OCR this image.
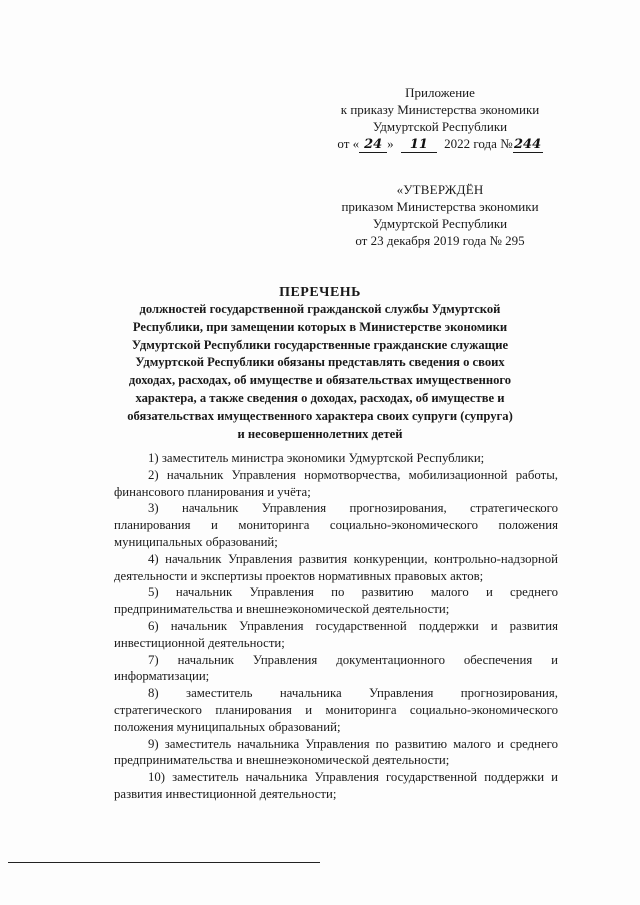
Приложение
к приказу Министерства экономики
Удмуртской Республики
от « 24 » 11 2022 года №244
«УТВЕРЖДЁН
приказом Министерства экономики
Удмуртской Республики
от 23 декабря 2019 года № 295
ПЕРЕЧЕНЬ
должностей государственной гражданской службы Удмуртской
Республики, при замещении которых в Министерстве экономики
Удмуртской Республики государственные гражданские служащие
Удмуртской Республики обязаны представлять сведения о своих
доходах, расходах, об имуществе и обязательствах имущественного
характера, а также сведения о доходах, расходах, об имуществе и
обязательствах имущественного характера своих супруги (супруга)
и несовершеннолетних детей

1) заместитель министра экономики Удмуртской Республики;

2) начальник Управления нормотворчества, мобилизационной работы,
финансового планирования и учёта;

3) начальник Управления прогнозирования, стратегического
планирования и мониторинга социально-экономического положения
муниципальных образований;

4) начальник Управления развития конкуренции, контрольно-надзорной
деятельности и экспертизы проектов нормативных правовых актов;

5) начальник Управления по развитию малого и среднего
предпринимательства и внешнеэкономической деятельности;

6) начальник Управления государственной поддержки и развития
инвестиционной деятельности;

7) начальник Управления документационного обеспечения и
информатизации;

8) заместитель начальника Управления прогнозирования,
стратегического планирования и мониторинга социально-экономического
положения муниципальных образований;

9) заместитель начальника Управления по развитию малого и среднего
предпринимательства и внешнеэкономической деятельности;

10) заместитель начальника Управления государственной поддержки и
развития инвестиционной деятельности;
